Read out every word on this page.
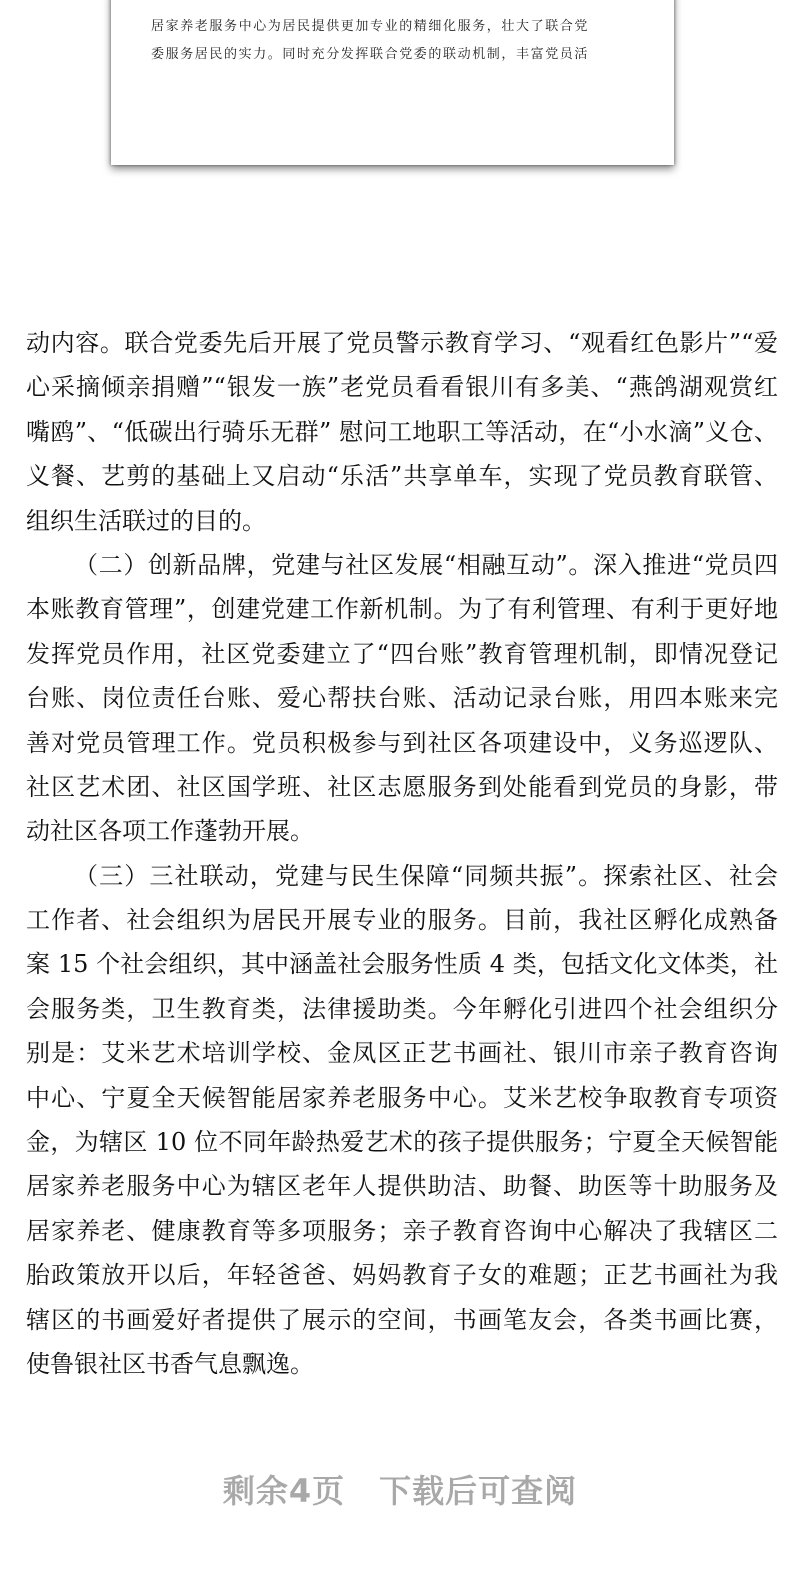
居家养老服务中心为居民提供更加专业的精细化服务，壮大了联合党
委服务居民的实力。同时充分发挥联合党委的联动机制，丰富党员活
动内容。联合党委先后开展了党员警示教育学习、“观看红色影片”“爱
心采摘倾亲捐赠”“银发一族”老党员看看银川有多美、“燕鸽湖观赏红
嘴鸥”、“低碳出行骑乐无群” 慰问工地职工等活动，在“小水滴”义仓、
义餐、艺剪的基础上又启动“乐活”共享单车，实现了党员教育联管、
组织生活联过的目的。
（二）创新品牌，党建与社区发展“相融互动”。深入推进“党员四
本账教育管理”，创建党建工作新机制。为了有利管理、有利于更好地
发挥党员作用，社区党委建立了“四台账”教育管理机制，即情况登记
台账、岗位责任台账、爱心帮扶台账、活动记录台账，用四本账来完
善对党员管理工作。党员积极参与到社区各项建设中，义务巡逻队、
社区艺术团、社区国学班、社区志愿服务到处能看到党员的身影，带
动社区各项工作蓬勃开展。
（三）三社联动，党建与民生保障“同频共振”。探索社区、社会
工作者、社会组织为居民开展专业的服务。目前，我社区孵化成熟备
案 15 个社会组织，其中涵盖社会服务性质 4 类，包括文化文体类，社
会服务类，卫生教育类，法律援助类。今年孵化引进四个社会组织分
别是：艾米艺术培训学校、金凤区正艺书画社、银川市亲子教育咨询
中心、宁夏全天候智能居家养老服务中心。艾米艺校争取教育专项资
金，为辖区 10 位不同年龄热爱艺术的孩子提供服务；宁夏全天候智能
居家养老服务中心为辖区老年人提供助洁、助餐、助医等十助服务及
居家养老、健康教育等多项服务；亲子教育咨询中心解决了我辖区二
胎政策放开以后，年轻爸爸、妈妈教育子女的难题；正艺书画社为我
辖区的书画爱好者提供了展示的空间，书画笔友会，各类书画比赛，
使鲁银社区书香气息飘逸。
剩余4页 下载后可查阅
